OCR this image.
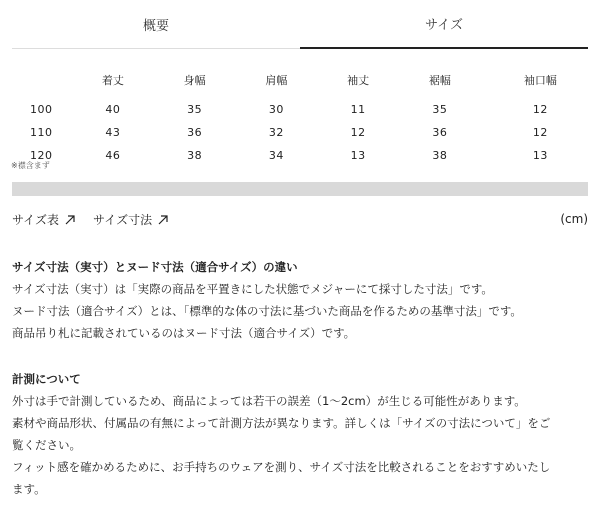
概要	サイズ
	着丈	身幅	肩幅	袖丈	裾幅	袖口幅
100	40	35	30	11	35	12
110	43	36	32	12	36	12
120	46	38	34	13	38	13
※襟含まず
サイズ表	サイズ寸法	(cm)
サイズ寸法（実寸）とヌード寸法（適合サイズ）の違い
サイズ寸法（実寸）は「実際の商品を平置きにした状態でメジャーにて採寸した寸法」です。
ヌード寸法（適合サイズ）とは、「標準的な体の寸法に基づいた商品を作るための基準寸法」です。
商品吊り札に記載されているのはヌード寸法（適合サイズ）です。
計測について
外寸は手で計測しているため、商品によっては若干の誤差（1〜2cm）が生じる可能性があります。
素材や商品形状、付属品の有無によって計測方法が異なります。詳しくは「サイズの寸法について」をご
覧ください。
フィット感を確かめるために、お手持ちのウェアを測り、サイズ寸法を比較されることをおすすめいたし
ます。
